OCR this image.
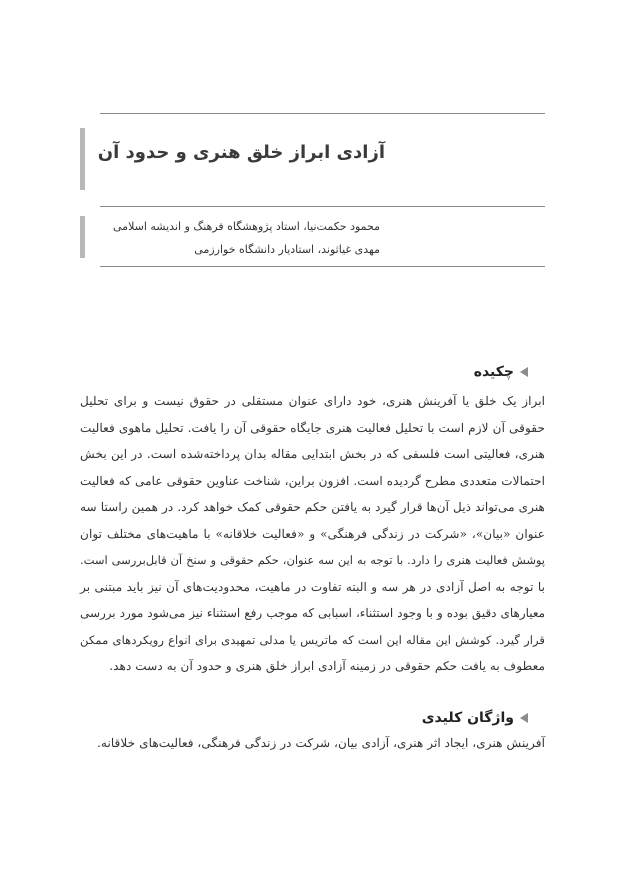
آزادی ابراز خلق هنری و حدود آن
محمود حکمت‌نیا، استاد پژوهشگاه فرهنگ و اندیشه اسلامی
مهدی غیاثوند، استادیار دانشگاه خوارزمی
چکیده

ابراز یک خلق یا آفرینش هنری، خود دارای عنوان مستقلی در حقوق نیست و برای تحلیل
حقوقی آن لازم است با تحلیل فعالیت هنری جایگاه حقوقی آن را یافت. تحلیل ماهوی فعالیت
هنری، فعالیتی است فلسفی که در بخش ابتدایی مقاله بدان پرداخته‌شده است. در این بخش
احتمالات متعددی مطرح گردیده است. افزون براین، شناخت عناوین حقوقی عامی که فعالیت
هنری می‌تواند ذیل آن‌ها قرار گیرد به یافتن حکم حقوقی کمک خواهد کرد. در همین راستا سه
عنوان «بیان»، «شرکت در زندگی فرهنگی» و «فعالیت خلاقانه» با ماهیت‌های مختلف توان
پوشش فعالیت هنری را دارد. با توجه به این سه عنوان، حکم حقوقی و سنخ آن قابل‌بررسی است.
با توجه به اصل آزادی در هر سه و البته تفاوت در ماهیت، محدودیت‌های آن نیز باید مبتنی بر
معیارهای دقیق بوده و با وجود استثناء، اسبابی که موجب رفع استثناء نیز می‌شود مورد بررسی
قرار گیرد. کوشش این مقاله این است که ماتریس یا مدلی تمهیدی برای انواع رویکردهای ممکن
معطوف به یافت حکم حقوقی در زمینه آزادی ابراز خلق هنری و حدود آن به دست دهد.

واژگان کلیدی
آفرینش هنری، ایجاد اثر هنری، آزادی بیان، شرکت در زندگی فرهنگی، فعالیت‌های خلاقانه.
